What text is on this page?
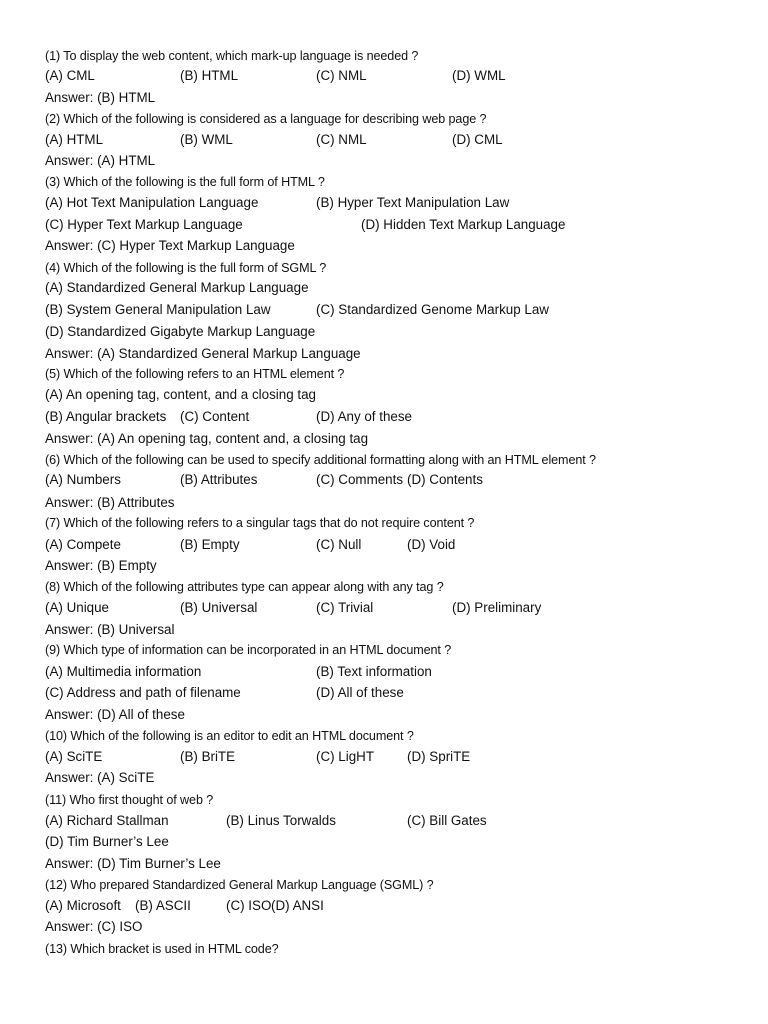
(1) To display the web content, which mark-up language is needed ?
(A) CML	(B) HTML	(C) NML	(D) WML
Answer: (B) HTML
(2) Which of the following is considered as a language for describing web page ?
(A) HTML	(B) WML	(C) NML	(D) CML
Answer: (A) HTML
(3) Which of the following is the full form of HTML ?
(A) Hot Text Manipulation Language	(B) Hyper Text Manipulation Law
(C) Hyper Text Markup Language	(D) Hidden Text Markup Language
Answer: (C) Hyper Text Markup Language
(4) Which of the following is the full form of SGML ?
(A) Standardized General Markup Language
(B) System General Manipulation Law	(C) Standardized Genome Markup Law
(D) Standardized Gigabyte Markup Language
Answer: (A) Standardized General Markup Language
(5) Which of the following refers to an HTML element ?
(A) An opening tag, content, and a closing tag
(B) Angular brackets (C) Content	(D) Any of these
Answer: (A) An opening tag, content and, a closing tag
(6) Which of the following can be used to specify additional formatting along with an HTML element ?
(A) Numbers	(B) Attributes	(C) Comments (D) Contents
Answer: (B) Attributes
(7) Which of the following refers to a singular tags that do not require content ?
(A) Compete	(B) Empty	(C) Null	(D) Void
Answer: (B) Empty
(8) Which of the following attributes type can appear along with any tag ?
(A) Unique	(B) Universal	(C) Trivial	(D) Preliminary
Answer: (B) Universal
(9) Which type of information can be incorporated in an HTML document ?
(A) Multimedia information	(B) Text information
(C) Address and path of filename	(D) All of these
Answer: (D) All of these
(10) Which of the following is an editor to edit an HTML document ?
(A) SciTE	(B) BriTE	(C) LigHT (D) SpriTE
Answer: (A) SciTE
(11) Who first thought of web ?
(A) Richard Stallman	(B) Linus Torwalds	(C) Bill Gates
(D) Tim Burner’s Lee
Answer: (D) Tim Burner’s Lee
(12) Who prepared Standardized General Markup Language (SGML) ?
(A) Microsoft (B) ASCII	(C) ISO (D) ANSI
Answer: (C) ISO
(13) Which bracket is used in HTML code?
